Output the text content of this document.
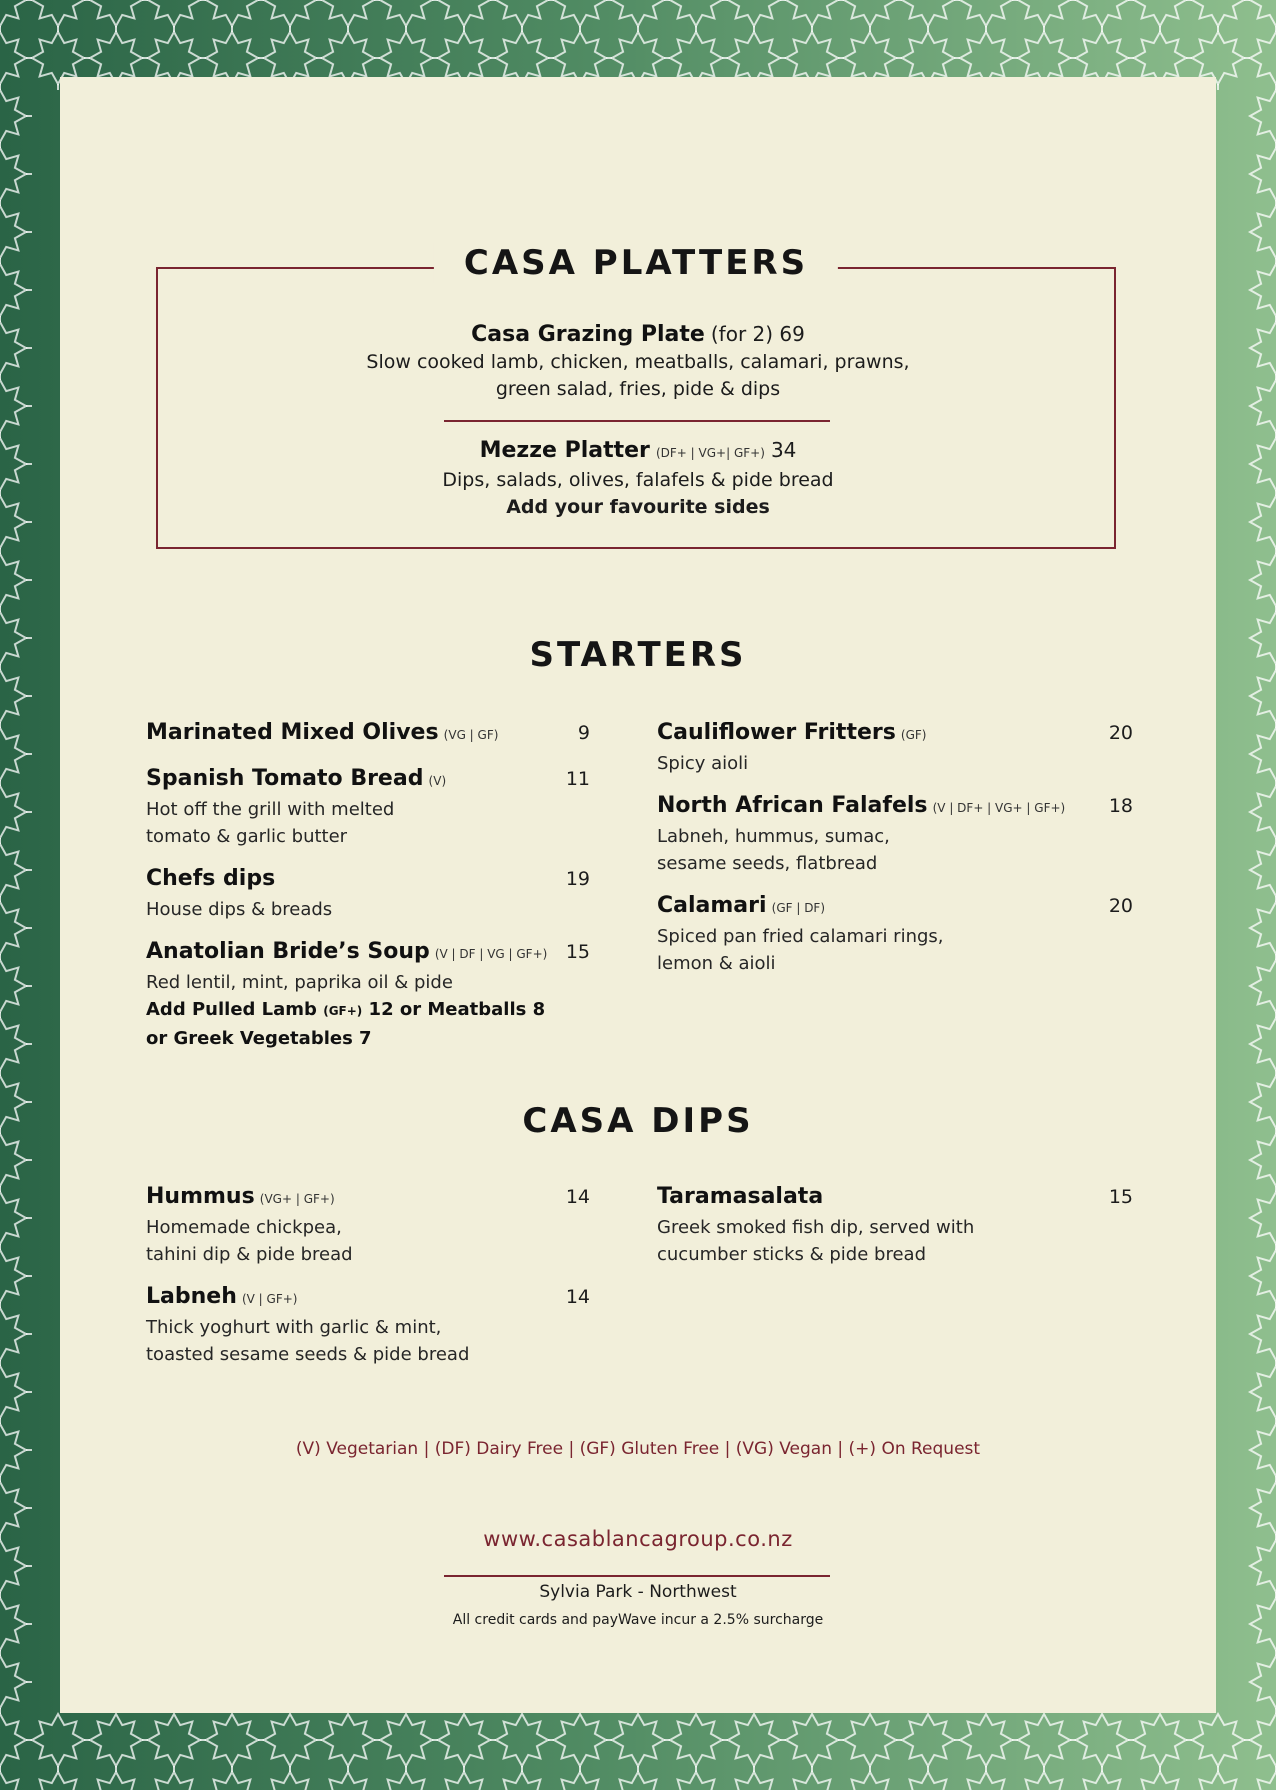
CASA PLATTERS
Casa Grazing Plate (for 2) 69
Slow cooked lamb, chicken, meatballs, calamari, prawns,
green salad, fries, pide & dips
Mezze Platter (DF+ | VG+| GF+) 34
Dips, salads, olives, falafels & pide bread
Add your favourite sides
STARTERS
Marinated Mixed Olives (VG | GF)	9
Spanish Tomato Bread (V)	11
Hot off the grill with melted
tomato & garlic butter
Chefs dips	19
House dips & breads
Anatolian Bride’s Soup (V | DF | VG | GF+) 15
Red lentil, mint, paprika oil & pide
Add Pulled Lamb (GF+) 12 or Meatballs 8
or Greek Vegetables 7
Cauliflower Fritters (GF)	20
Spicy aioli
North African Falafels (V | DF+ | VG+ | GF+) 18
Labneh, hummus, sumac,
sesame seeds, flatbread
Calamari (GF | DF)	20
Spiced pan fried calamari rings,
lemon & aioli
CASA DIPS
Hummus (VG+ | GF+)	14
Homemade chickpea,
tahini dip & pide bread
Labneh (V | GF+)	14
Thick yoghurt with garlic & mint,
toasted sesame seeds & pide bread
Taramasalata	15
Greek smoked fish dip, served with
cucumber sticks & pide bread
(V) Vegetarian | (DF) Dairy Free | (GF) Gluten Free | (VG) Vegan | (+) On Request
www.casablancagroup.co.nz
Sylvia Park - Northwest
All credit cards and payWave incur a 2.5% surcharge
